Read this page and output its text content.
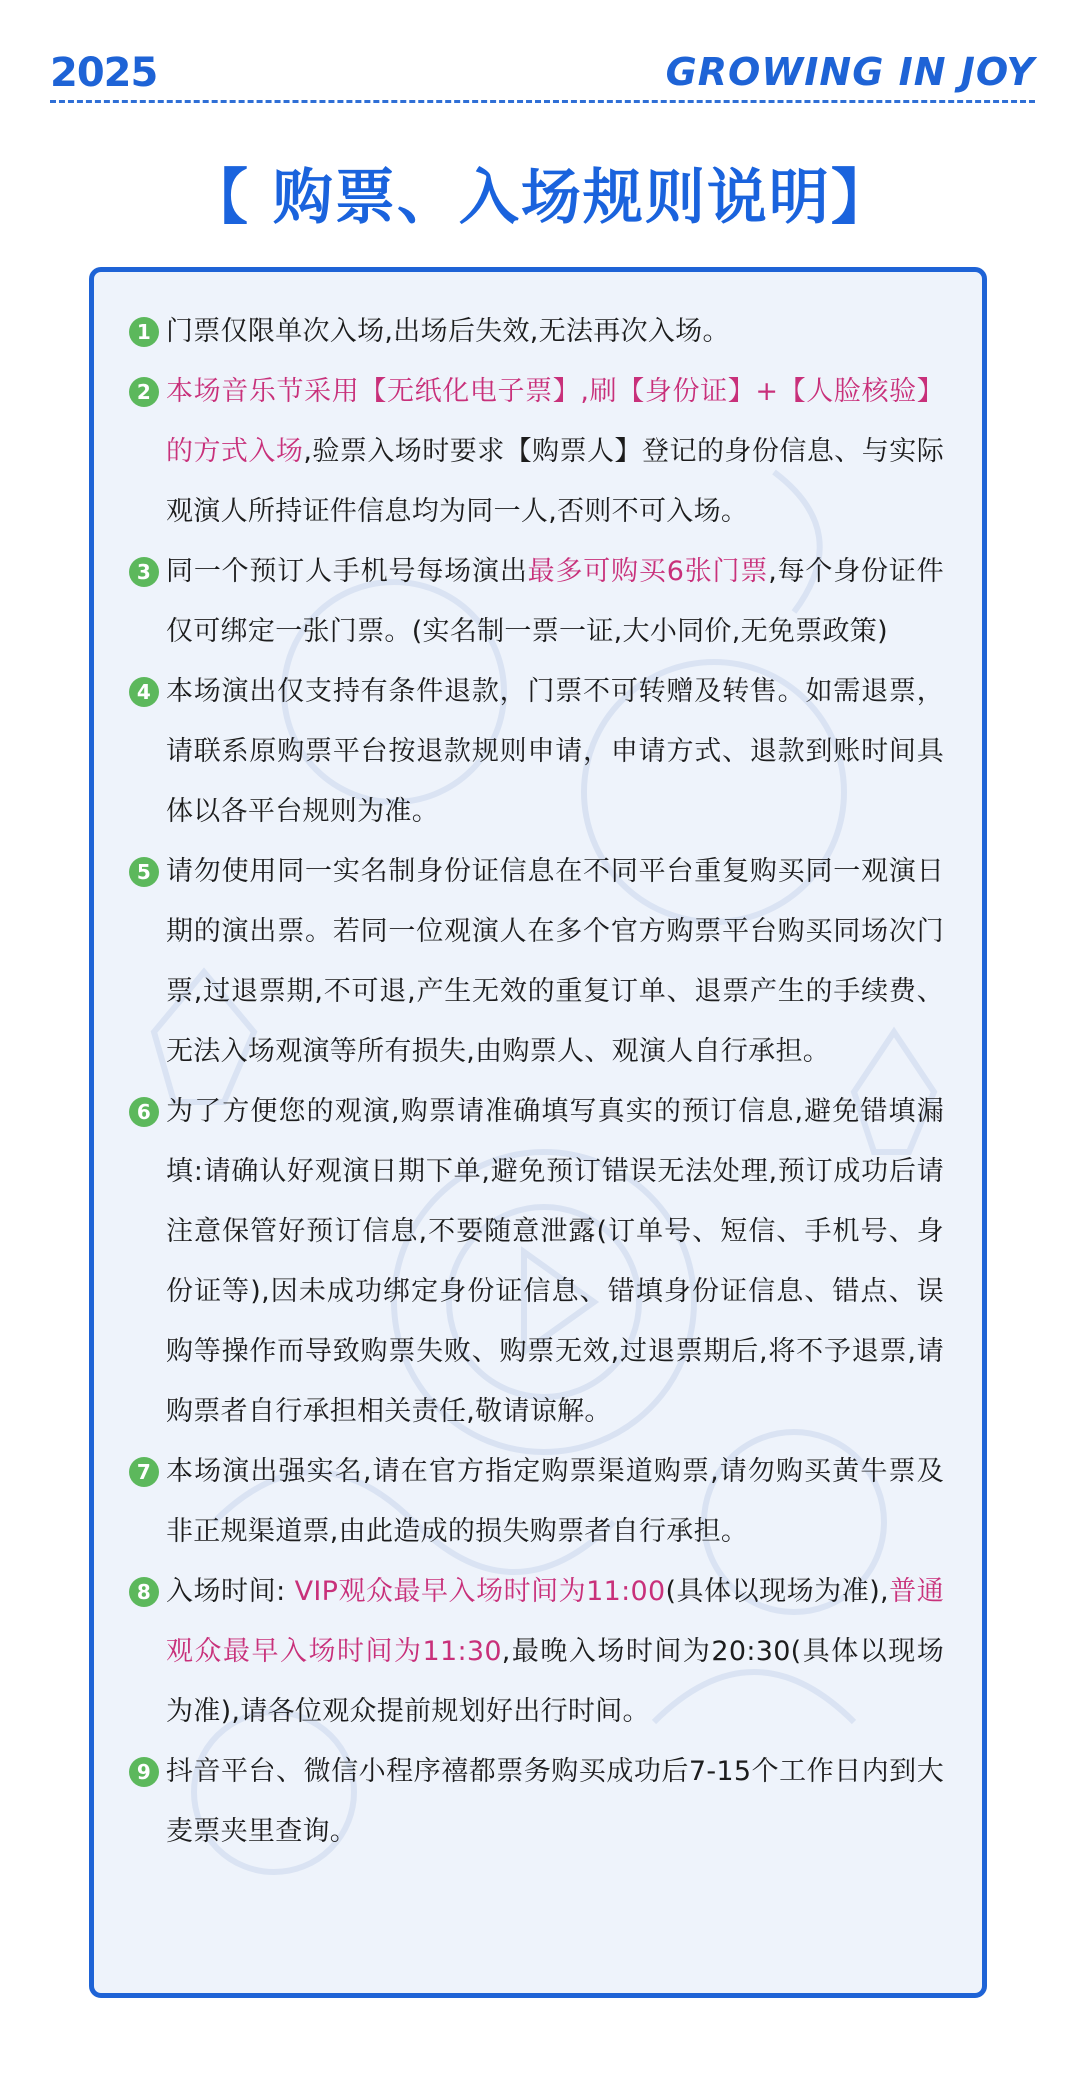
2025	GROWING IN JOY
【 购票、入场规则说明】
1 门票仅限单次入场,出场后失效,无法再次入场。
2 本场音乐节采用【无纸化电子票】,刷【身份证】+【人脸核验】的方式入场,验票入场时要求【购票人】登记的身份信息、与实际观演人所持证件信息均为同一人,否则不可入场。
3 同一个预订人手机号每场演出最多可购买6张门票,每个身份证件仅可绑定一张门票。(实名制一票一证,大小同价,无免票政策)
4 本场演出仅支持有条件退款，门票不可转赠及转售。如需退票，请联系原购票平台按退款规则申请，申请方式、退款到账时间具体以各平台规则为准。
5 请勿使用同一实名制身份证信息在不同平台重复购买同一观演日期的演出票。若同一位观演人在多个官方购票平台购买同场次门票,过退票期,不可退,产生无效的重复订单、退票产生的手续费、无法入场观演等所有损失,由购票人、观演人自行承担。
6 为了方便您的观演,购票请准确填写真实的预订信息,避免错填漏填:请确认好观演日期下单,避免预订错误无法处理,预订成功后请注意保管好预订信息,不要随意泄露(订单号、短信、手机号、身份证等),因未成功绑定身份证信息、错填身份证信息、错点、误购等操作而导致购票失败、购票无效,过退票期后,将不予退票,请购票者自行承担相关责任,敬请谅解。
7 本场演出强实名,请在官方指定购票渠道购票,请勿购买黄牛票及非正规渠道票,由此造成的损失购票者自行承担。
8 入场时间: VIP观众最早入场时间为11:00(具体以现场为准),普通观众最早入场时间为11:30,最晚入场时间为20:30(具体以现场为准),请各位观众提前规划好出行时间。
9 抖音平台、微信小程序禧都票务购买成功后7-15个工作日内到大麦票夹里查询。
